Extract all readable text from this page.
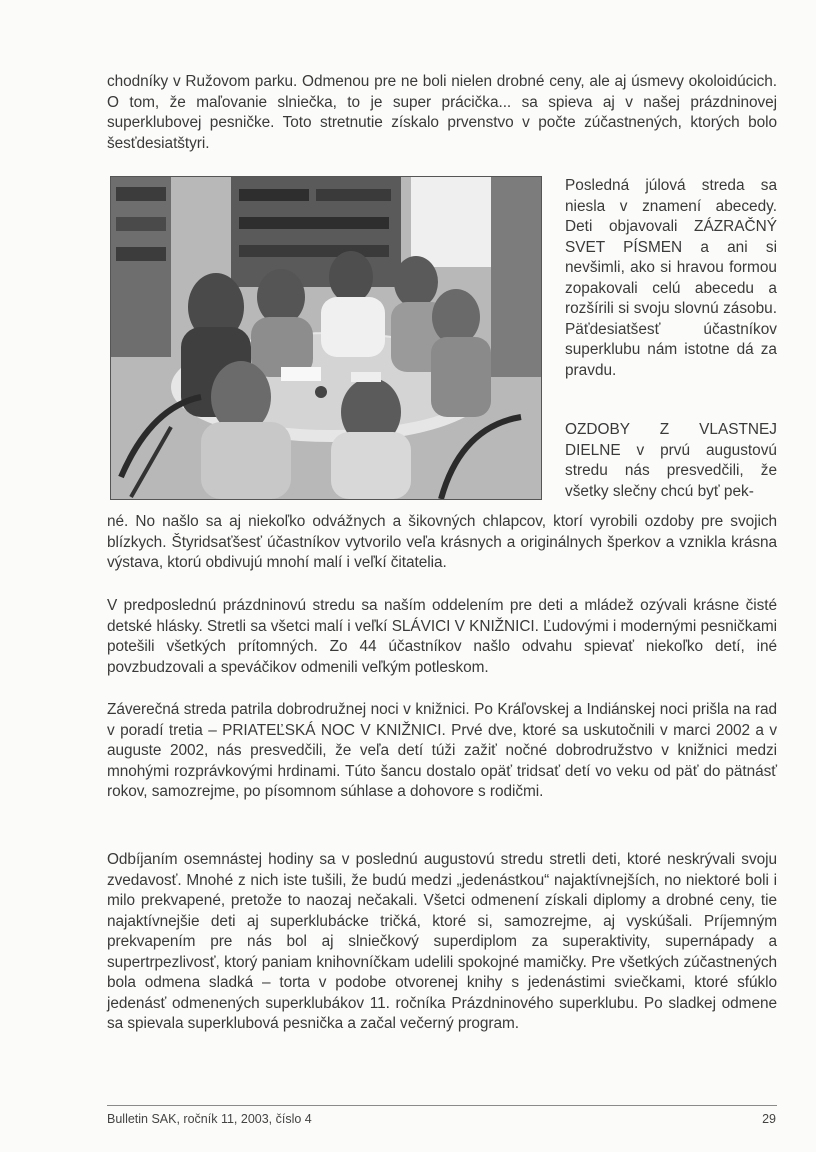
chodníky v Ružovom parku. Odmenou pre ne boli nielen drobné ceny, ale aj úsmevy okoloidúcich. O tom, že maľovanie slniečka, to je super prácička... sa spieva aj v našej prázdninovej superklubovej pesničke. Toto stretnutie získalo prvenstvo v počte zúčastnených, ktorých bolo šesťdesiatštyri.

Posledná júlová streda sa niesla v znamení abecedy. Deti objavovali ZÁZRAČNÝ SVET PÍSMEN a ani si nevšimli, ako si hravou formou zopakovali celú abecedu a rozšírili si svoju slovnú zásobu. Päťdesiatšesť účastníkov superklubu nám istotne dá za pravdu.

OZDOBY Z VLASTNEJ DIELNE v prvú augustovú stredu nás presvedčili, že všetky slečny chcú byť pek-

né. No našlo sa aj niekoľko odvážnych a šikovných chlapcov, ktorí vyrobili ozdoby pre svojich blízkych. Štyridsaťšesť účastníkov vytvorilo veľa krásnych a originálnych šperkov a vznikla krásna výstava, ktorú obdivujú mnohí malí i veľkí čitatelia.

V predposlednú prázdninovú stredu sa naším oddelením pre deti a mládež ozývali krásne čisté detské hlásky. Stretli sa všetci malí i veľkí SLÁVICI V KNIŽNICI. Ľudovými i modernými pesničkami potešili všetkých prítomných. Zo 44 účastníkov našlo odvahu spievať niekoľko detí, iné povzbudzovali a speváčikov odmenili veľkým potleskom.

Záverečná streda patrila dobrodružnej noci v knižnici. Po Kráľovskej a Indiánskej noci prišla na rad v poradí tretia – PRIATEĽSKÁ NOC V KNIŽNICI. Prvé dve, ktoré sa uskutočnili v marci 2002 a v auguste 2002, nás presvedčili, že veľa detí túži zažiť nočné dobrodružstvo v knižnici medzi mnohými rozprávkovými hrdinami. Túto šancu dostalo opäť tridsať detí vo veku od päť do pätnásť rokov, samozrejme, po písomnom súhlase a dohovore s rodičmi.

Odbíjaním osemnástej hodiny sa v poslednú augustovú stredu stretli deti, ktoré neskrývali svoju zvedavosť. Mnohé z nich iste tušili, že budú medzi „jedenástkou“ najaktívnejších, no niektoré boli i milo prekvapené, pretože to naozaj nečakali. Všetci odmenení získali diplomy a drobné ceny, tie najaktívnejšie deti aj superklubácke tričká, ktoré si, samozrejme, aj vyskúšali. Príjemným prekvapením pre nás bol aj slniečkový superdiplom za superaktivity, supernápady a supertrpezlivosť, ktorý paniam knihovníčkam udelili spokojné mamičky. Pre všetkých zúčastnených bola odmena sladká – torta v podobe otvorenej knihy s jedenástimi sviečkami, ktoré sfúklo jedenásť odmenených superklubákov 11. ročníka Prázdninového superklubu. Po sladkej odmene sa spievala superklubová pesnička a začal večerný program.

Bulletin SAK, ročník 11, 2003, číslo 4	29
